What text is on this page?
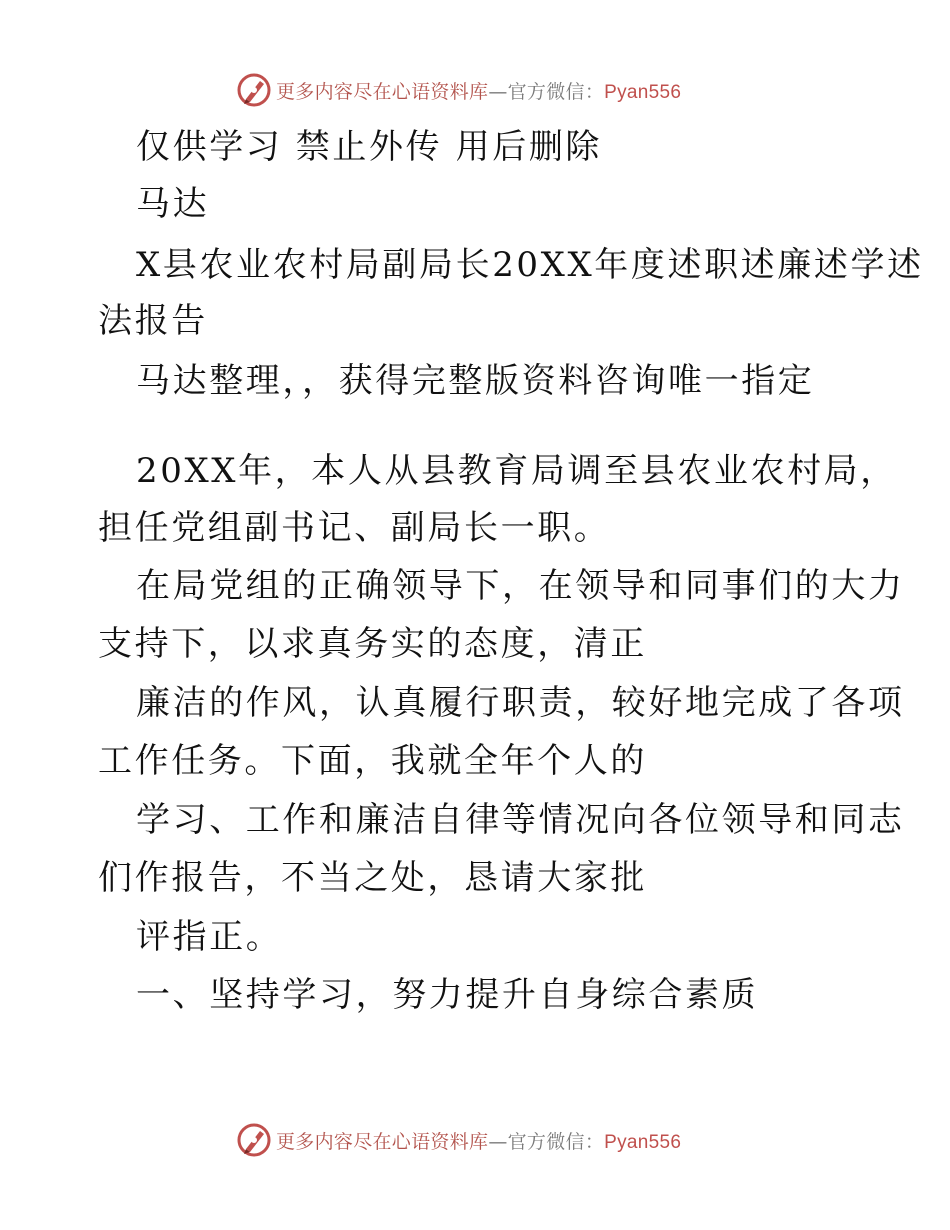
更多内容尽在心语资料库—官方微信：Pyan556
仅供学习 禁止外传 用后删除
马达
X县农业农村局副局长20XX年度述职述廉述学述
法报告
马达整理，，获得完整版资料咨询唯一指定
20XX年，本人从县教育局调至县农业农村局，
担任党组副书记、副局长一职。
在局党组的正确领导下，在领导和同事们的大力
支持下，以求真务实的态度，清正
廉洁的作风，认真履行职责，较好地完成了各项
工作任务。下面，我就全年个人的
学习、工作和廉洁自律等情况向各位领导和同志
们作报告，不当之处，恳请大家批
评指正。
一、坚持学习，努力提升自身综合素质
更多内容尽在心语资料库—官方微信：Pyan556
